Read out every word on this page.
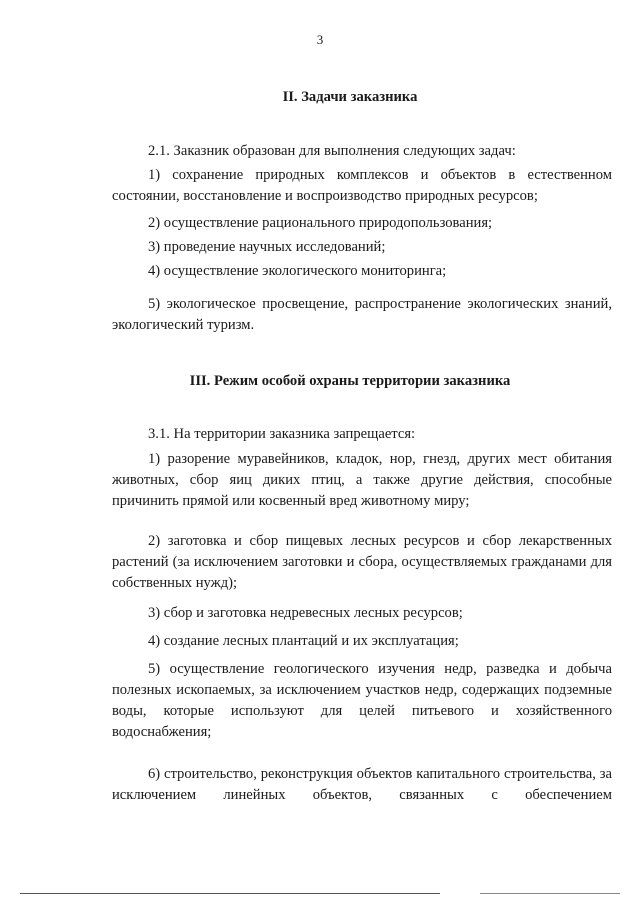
3
II. Задачи заказника
2.1. Заказник образован для выполнения следующих задач:
1) сохранение природных комплексов и объектов в естественном состоянии, восстановление и воспроизводство природных ресурсов;
2) осуществление рационального природопользования;
3) проведение научных исследований;
4) осуществление экологического мониторинга;
5) экологическое просвещение, распространение экологических знаний, экологический туризм.
III. Режим особой охраны территории заказника
3.1. На территории заказника запрещается:
1) разорение муравейников, кладок, нор, гнезд, других мест обитания животных, сбор яиц диких птиц, а также другие действия, способные причинить прямой или косвенный вред животному миру;
2) заготовка и сбор пищевых лесных ресурсов и сбор лекарственных растений (за исключением заготовки и сбора, осуществляемых гражданами для собственных нужд);
3) сбор и заготовка недревесных лесных ресурсов;
4) создание лесных плантаций и их эксплуатация;
5) осуществление геологического изучения недр, разведка и добыча полезных ископаемых, за исключением участков недр, содержащих подземные воды, которые используют для целей питьевого и хозяйственного водоснабжения;
6) строительство, реконструкция объектов капитального строительства, за исключением линейных объектов, связанных с обеспечением
